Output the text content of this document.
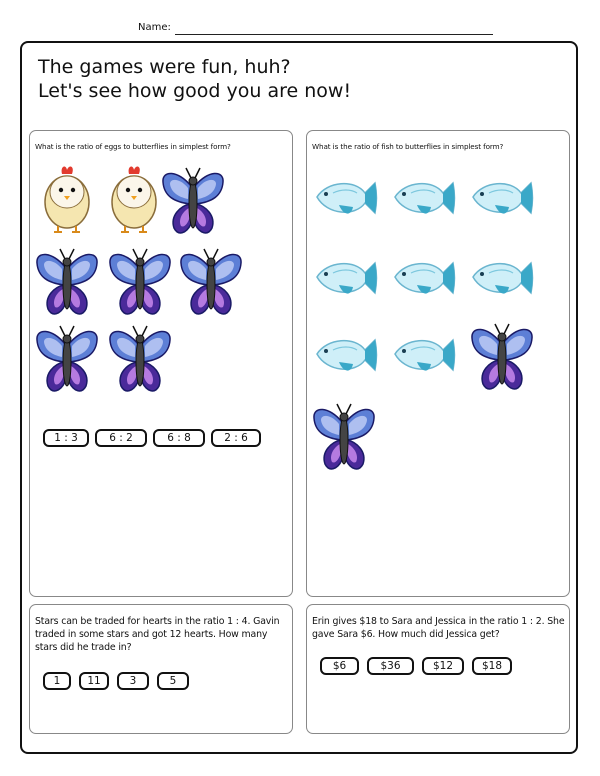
Name:
The games were fun, huh?
Let's see how good you are now!
What is the ratio of eggs to butterflies in simplest form?
1 : 3	6 : 2	6 : 8	2 : 6
What is the ratio of fish to butterflies in simplest form?
Stars can be traded for hearts in the ratio 1 : 4. Gavin traded in some stars and got 12 hearts. How many stars did he trade in?
1	11	3	5
Erin gives $18 to Sara and Jessica in the ratio 1 : 2. She gave Sara $6. How much did Jessica get?
$6	$36	$12	$18
